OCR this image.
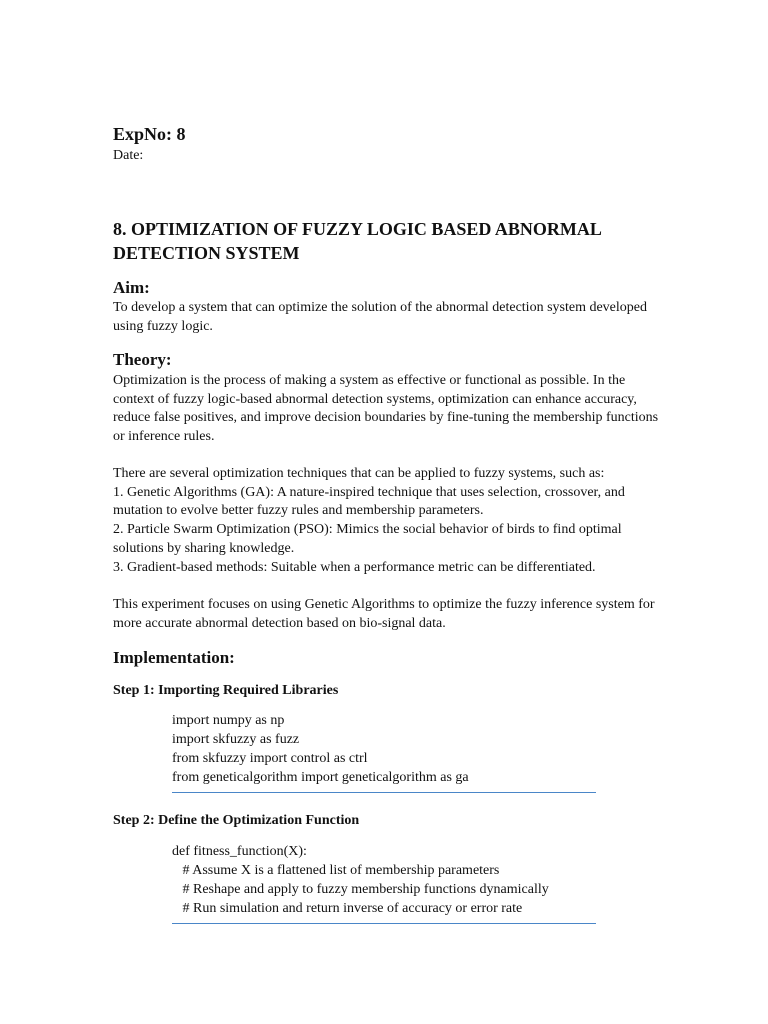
ExpNo: 8

Date:

8. OPTIMIZATION OF FUZZY LOGIC BASED ABNORMAL
DETECTION SYSTEM
Aim:

To develop a system that can optimize the solution of the abnormal detection system developed
using fuzzy logic.

Theory:

Optimization is the process of making a system as effective or functional as possible. In the
context of fuzzy logic-based abnormal detection systems, optimization can enhance accuracy,
reduce false positives, and improve decision boundaries by fine-tuning the membership functions
or inference rules.

There are several optimization techniques that can be applied to fuzzy systems, such as:
1. Genetic Algorithms (GA): A nature-inspired technique that uses selection, crossover, and
mutation to evolve better fuzzy rules and membership parameters.
2. Particle Swarm Optimization (PSO): Mimics the social behavior of birds to find optimal
solutions by sharing knowledge.
3. Gradient-based methods: Suitable when a performance metric can be differentiated.

This experiment focuses on using Genetic Algorithms to optimize the fuzzy inference system for
more accurate abnormal detection based on bio-signal data.

Implementation:

Step 1: Importing Required Libraries

import numpy as np
import skfuzzy as fuzz
from skfuzzy import control as ctrl
from geneticalgorithm import geneticalgorithm as ga

Step 2: Define the Optimization Function

def fitness_function(X):
# Assume X is a flattened list of membership parameters
# Reshape and apply to fuzzy membership functions dynamically
# Run simulation and return inverse of accuracy or error rate
